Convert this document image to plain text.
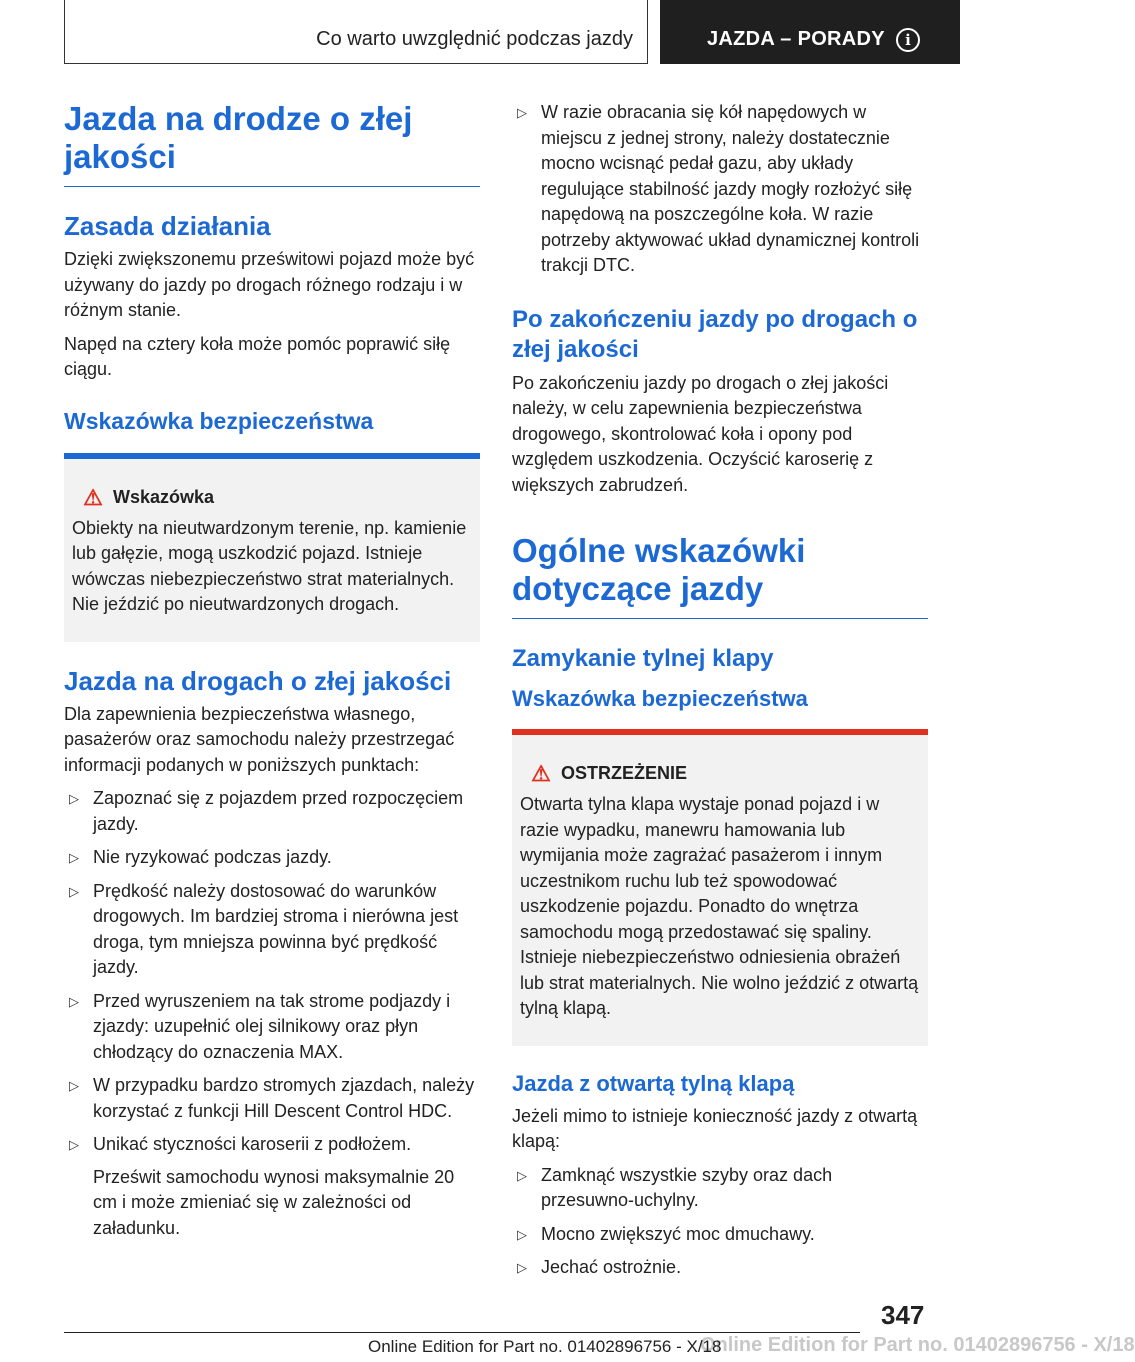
Co warto uwzględnić podczas jazdy	JAZDA – PORADY	i
Jazda na drodze o złej jakości
Zasada działania

Dzięki zwiększonemu prześwitowi pojazd może być używany do jazdy po drogach różnego rodzaju i w różnym stanie.

Napęd na cztery koła może pomóc poprawić siłę ciągu.

Wskazówka bezpieczeństwa
⚠ Wskazówka

Obiekty na nieutwardzonym terenie, np. kamienie lub gałęzie, mogą uszkodzić pojazd. Istnieje wówczas niebezpieczeństwo strat materialnych. Nie jeździć po nieutwardzonych drogach.

Jazda na drogach o złej jakości

Dla zapewnienia bezpieczeństwa własnego, pasażerów oraz samochodu należy przestrzegać informacji podanych w poniższych punktach:

▷ Zapoznać się z pojazdem przed rozpoczęciem jazdy.
▷ Nie ryzykować podczas jazdy.
▷ Prędkość należy dostosować do warunków drogowych. Im bardziej stroma i nierówna jest droga, tym mniejsza powinna być prędkość jazdy.
▷ Przed wyruszeniem na tak strome podjazdy i zjazdy: uzupełnić olej silnikowy oraz płyn chłodzący do oznaczenia MAX.
▷ W przypadku bardzo stromych zjazdach, należy korzystać z funkcji Hill Descent Control HDC.
▷ Unikać styczności karoserii z podłożem.
Prześwit samochodu wynosi maksymalnie 20 cm i może zmieniać się w zależności od załadunku.
▷ W razie obracania się kół napędowych w miejscu z jednej strony, należy dostatecznie mocno wcisnąć pedał gazu, aby układy regulujące stabilność jazdy mogły rozłożyć siłę napędową na poszczególne koła. W razie potrzeby aktywować układ dynamicznej kontroli trakcji DTC.
Po zakończeniu jazdy po drogach o złej jakości

Po zakończeniu jazdy po drogach o złej jakości należy, w celu zapewnienia bezpieczeństwa drogowego, skontrolować koła i opony pod względem uszkodzenia. Oczyścić karoserię z większych zabrudzeń.

Ogólne wskazówki dotyczące jazdy
Zamykanie tylnej klapy
Wskazówka bezpieczeństwa
⚠ OSTRZEŻENIE

Otwarta tylna klapa wystaje ponad pojazd i w razie wypadku, manewru hamowania lub wymijania może zagrażać pasażerom i innym uczestnikom ruchu lub też spowodować uszkodzenie pojazdu. Ponadto do wnętrza samochodu mogą przedostawać się spaliny. Istnieje niebezpieczeństwo odniesienia obrażeń lub strat materialnych. Nie wolno jeździć z otwartą tylną klapą.

Jazda z otwartą tylną klapą

Jeżeli mimo to istnieje konieczność jazdy z otwartą klapą:

▷ Zamknąć wszystkie szyby oraz dach przesuwno-uchylny.
▷ Mocno zwiększyć moc dmuchawy.
▷ Jechać ostrożnie.
347
Online Edition for Part no. 01402896756 - X/18
Online Edition for Part no. 01402896756 - X/18
